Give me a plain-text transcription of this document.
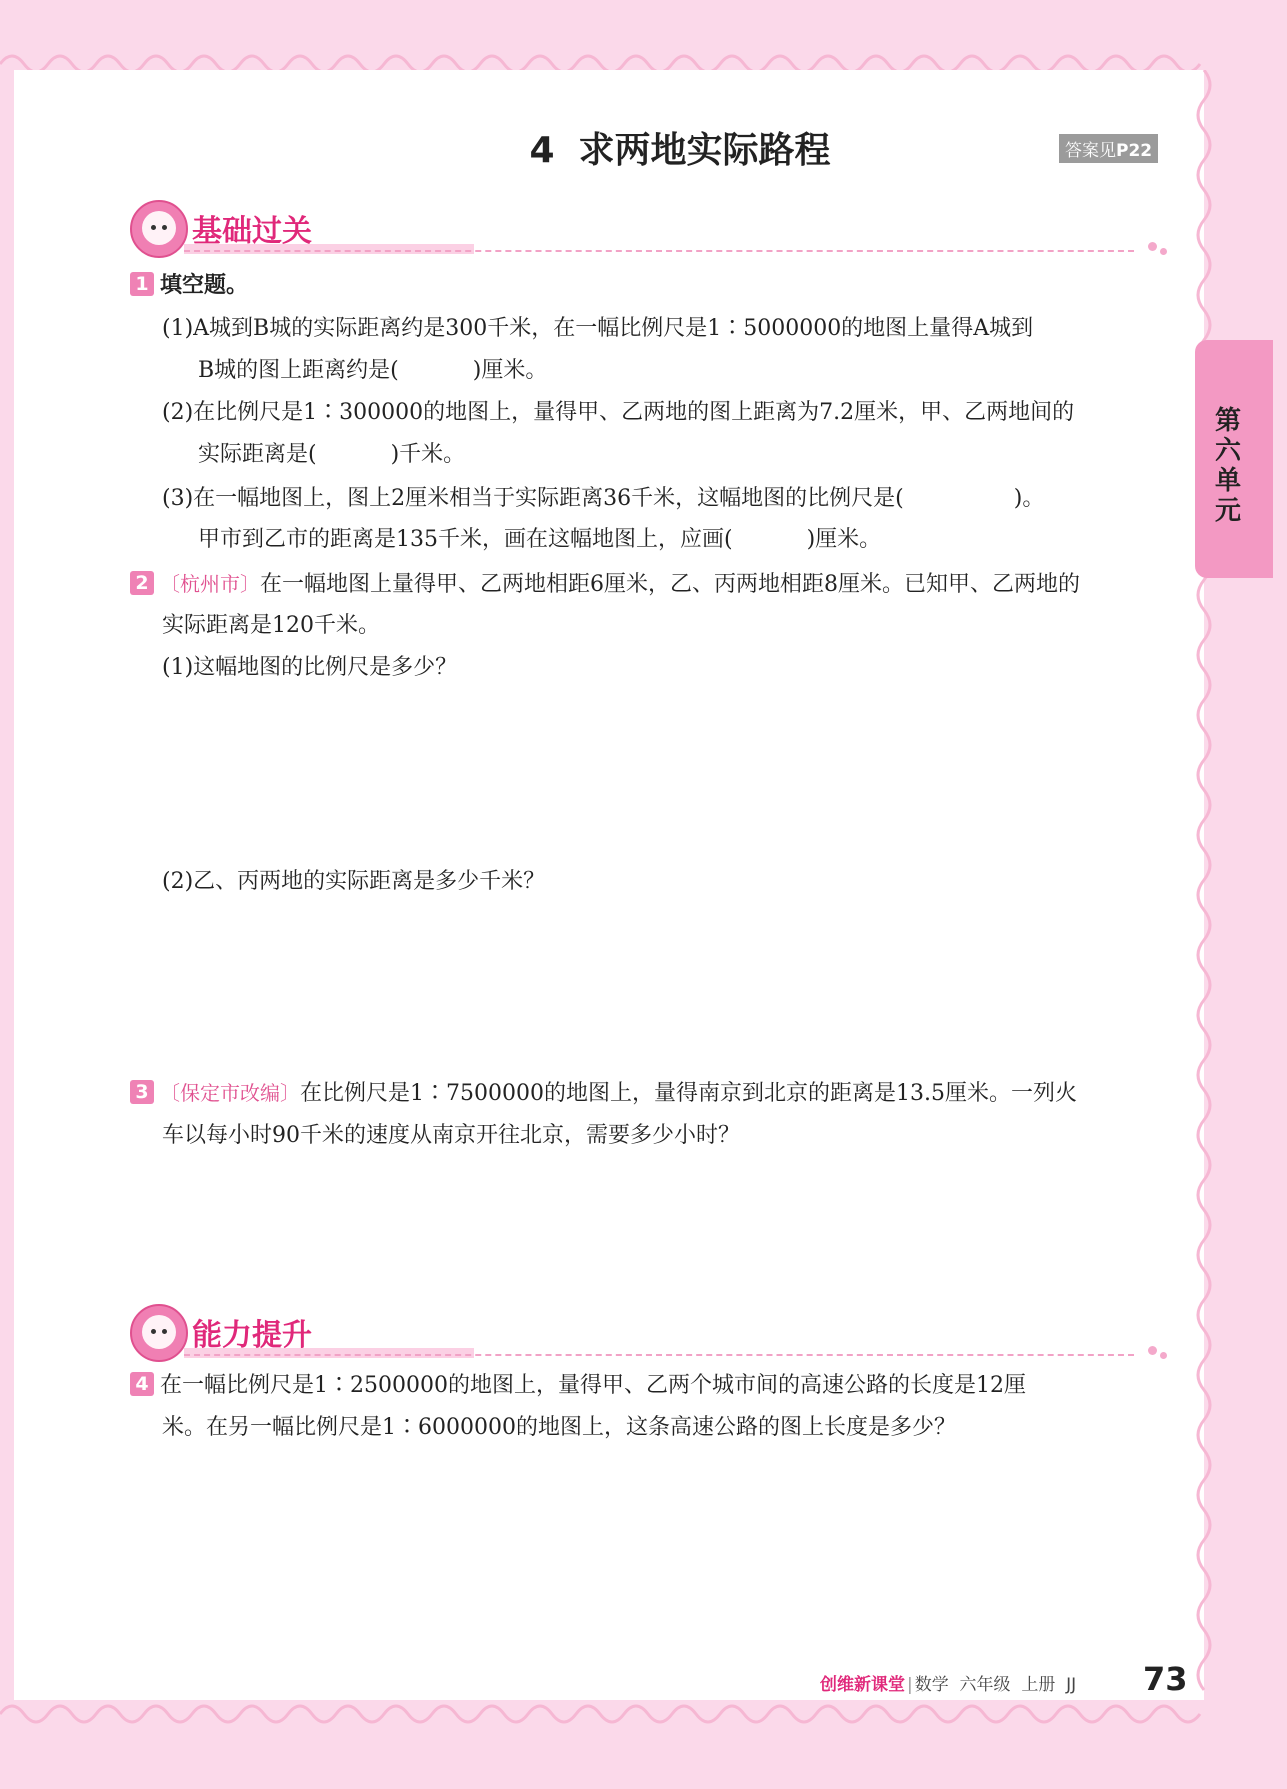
4 求两地实际路程	答案见P22
第六单元
基础过关
1 填空题。
(1)A城到B城的实际距离约是300千米，在一幅比例尺是1∶5000000的地图上量得A城到
B城的图上距离约是(	)厘米。
(2)在比例尺是1∶300000的地图上，量得甲、乙两地的图上距离为7.2厘米，甲、乙两地间的
实际距离是(	)千米。
(3)在一幅地图上，图上2厘米相当于实际距离36千米，这幅地图的比例尺是(	)。
甲市到乙市的距离是135千米，画在这幅地图上，应画(	)厘米。
2 〔杭州市〕在一幅地图上量得甲、乙两地相距6厘米，乙、丙两地相距8厘米。已知甲、乙两地的
实际距离是120千米。
(1)这幅地图的比例尺是多少？
(2)乙、丙两地的实际距离是多少千米？
3 〔保定市改编〕在比例尺是1∶7500000的地图上，量得南京到北京的距离是13.5厘米。一列火
车以每小时90千米的速度从南京开往北京，需要多少小时？
能力提升
4 在一幅比例尺是1∶2500000的地图上，量得甲、乙两个城市间的高速公路的长度是12厘
米。在另一幅比例尺是1∶6000000的地图上，这条高速公路的图上长度是多少？
创维新课堂 | 数学 六年级 上册 JJ 73
